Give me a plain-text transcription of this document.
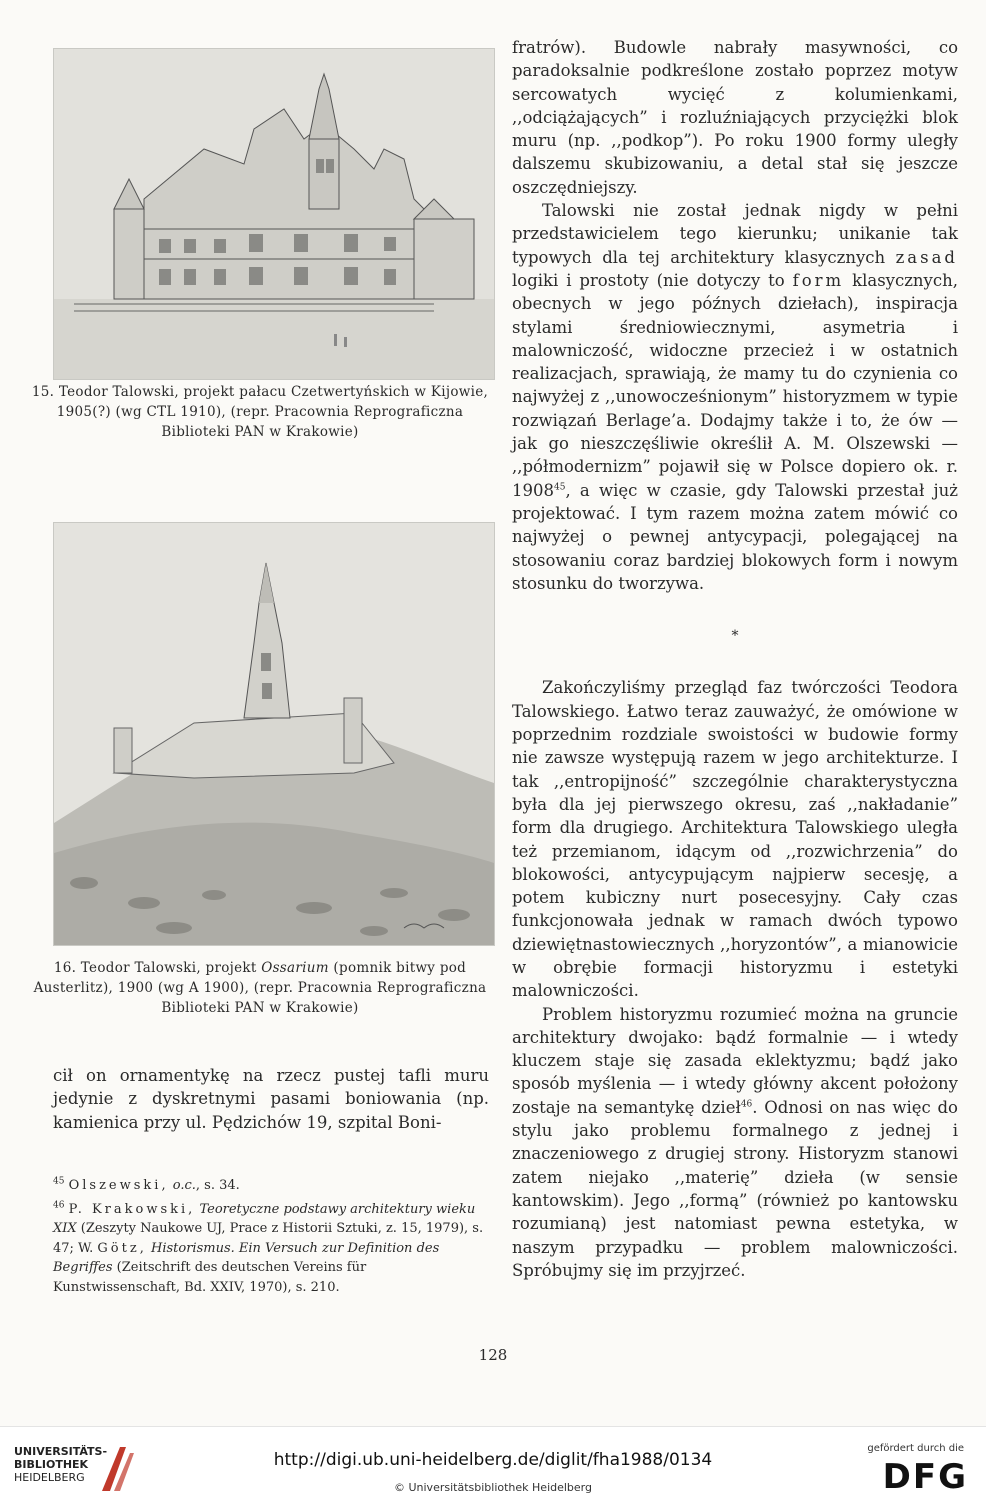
15. Teodor Talowski, projekt pałacu Czetwertyńskich w Kijowie, 1905(?) (wg CTL 1910), (repr. Pracownia Reprograficzna Biblioteki PAN w Krakowie)
16. Teodor Talowski, projekt Ossarium (pomnik bitwy pod Austerlitz), 1900 (wg A 1900), (repr. Pracownia Reprograficzna Biblioteki PAN w Krakowie)

fratrów). Budowle nabrały masywności, co paradoksalnie podkreślone zostało poprzez motyw sercowatych wycięć z kolumienkami, ,,odciążających” i rozluźniających przyciężki blok muru (np. ,,podkop”). Po roku 1900 formy uległy dalszemu skubizowaniu, a detal stał się jeszcze oszczędniejszy.

Talowski nie został jednak nigdy w pełni przedstawicielem tego kierunku; unikanie tak typowych dla tej architektury klasycznych zasad logiki i prostoty (nie dotyczy to form klasycznych, obecnych w jego późnych dziełach), inspiracja stylami średniowiecznymi, asymetria i malowniczość, widoczne przecież i w ostatnich realizacjach, sprawiają, że mamy tu do czynienia co najwyżej z ,,unowocześnionym” historyzmem w typie rozwiązań Berlage’a. Dodajmy także i to, że ów — jak go nieszczęśliwie określił A. M. Olszewski — ,,półmodernizm” pojawił się w Polsce dopiero ok. r. 1908$^{45}$, a więc w czasie, gdy Talowski przestał już projektować. I tym razem można zatem mówić co najwyżej o pewnej antycypacji, polegającej na stosowaniu coraz bardziej blokowych form i nowym stosunku do tworzywa.

*

Zakończyliśmy przegląd faz twórczości Teodora Talowskiego. Łatwo teraz zauważyć, że omówione w poprzednim rozdziale swoistości w budowie formy nie zawsze występują razem w jego architekturze. I tak ,,entropijność” szczególnie charakterystyczna była dla jej pierwszego okresu, zaś ,,nakładanie” form dla drugiego. Architektura Talowskiego uległa też przemianom, idącym od ,,rozwichrzenia” do blokowości, antycypującym najpierw secesję, a potem kubiczny nurt posecesyjny. Cały czas funkcjonowała jednak w ramach dwóch typowo dziewiętnastowiecznych ,,horyzontów”, a mianowicie w obrębie formacji historyzmu i estetyki malowniczości.

Problem historyzmu rozumieć można na gruncie architektury dwojako: bądź formalnie — i wtedy kluczem staje się zasada eklektyzmu; bądź jako sposób myślenia — i wtedy główny akcent położony zostaje na semantykę dzieł$^{46}$. Odnosi on nas więc do stylu jako problemu formalnego z jednej i znaczeniowego z drugiej strony. Historyzm stanowi zatem niejako ,,materię” dzieła (w sensie kantowskim). Jego ,,formą” (również po kantowsku rozumianą) jest natomiast pewna estetyka, w naszym przypadku — problem malowniczości. Spróbujmy się im przyjrzeć.

cił on ornamentykę na rzecz pustej tafli muru jedynie z dyskretnymi pasami boniowania (np. kamienica przy ul. Pędzichów 19, szpital Boni-

$^{45}$ Olszewski, o.c., s. 34.

$^{46}$ P. Krakowski, Teoretyczne podstawy architektury wieku XIX (Zeszyty Naukowe UJ, Prace z Historii Sztuki, z. 15, 1979), s. 47; W. Götz, Historismus. Ein Versuch zur Definition des Begriffes (Zeitschrift des deutschen Vereins für Kunstwissenschaft, Bd. XXIV, 1970), s. 210.

128
UNIVERSITÄTS-
BIBLIOTHEK
HEIDELBERG
http://digi.ub.uni-heidelberg.de/diglit/fha1988/0134
© Universitätsbibliothek Heidelberg
gefördert durch die
DFG
